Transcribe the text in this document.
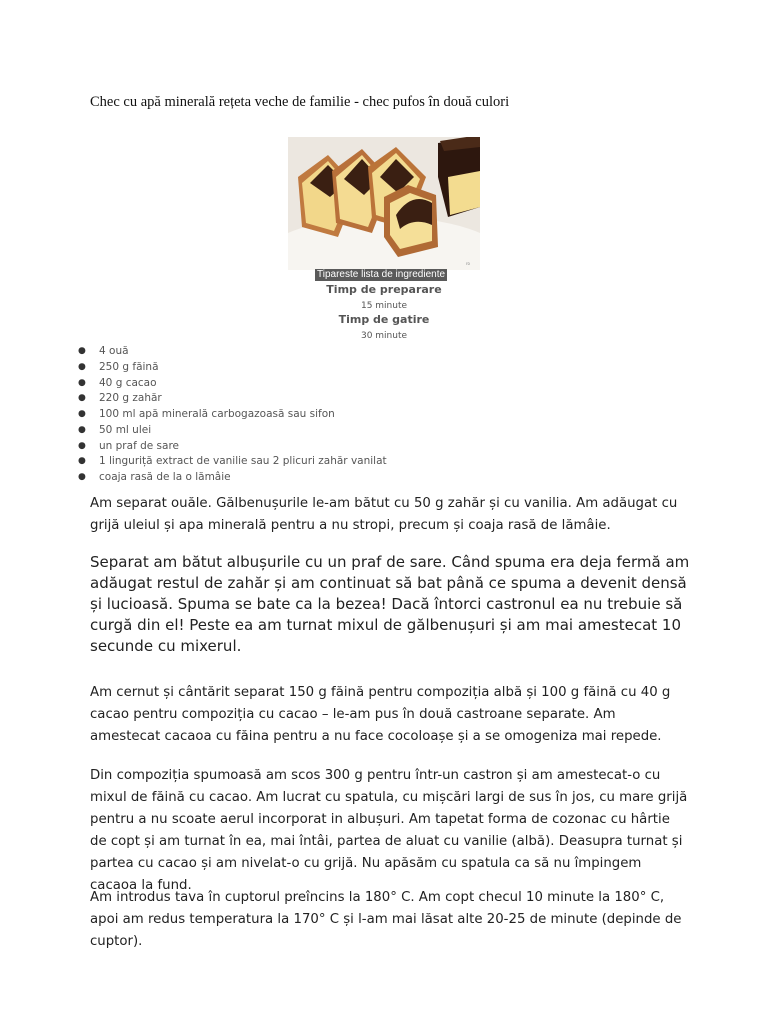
Chec cu apă minerală rețeta veche de familie - chec pufos în două culori
ro
Tipareste lista de ingrediente
Timp de preparare
15 minute
Timp de gatire
30 minute
● 4 ouă
● 250 g făină
● 40 g cacao
● 220 g zahăr
● 100 ml apă minerală carbogazoasă sau sifon
● 50 ml ulei
● un praf de sare
● 1 linguriță extract de vanilie sau 2 plicuri zahăr vanilat
● coaja rasă de la o lămâie

Am separat ouăle. Gălbenușurile le-am bătut cu 50 g zahăr și cu vanilia. Am adăugat cu grijă uleiul și apa minerală pentru a nu stropi, precum și coaja rasă de lămâie.

Separat am bătut albușurile cu un praf de sare. Când spuma era deja fermă am adăugat restul de zahăr și am continuat să bat până ce spuma a devenit densă și lucioasă. Spuma se bate ca la bezea! Dacă întorci castronul ea nu trebuie să curgă din el! Peste ea am turnat mixul de gălbenușuri și am mai amestecat 10 secunde cu mixerul.

Am cernut și cântărit separat 150 g făină pentru compoziția albă și 100 g făină cu 40 g cacao pentru compoziția cu cacao – le-am pus în două castroane separate. Am amestecat cacaoa cu făina pentru a nu face cocoloașe și a se omogeniza mai repede.

Din compoziția spumoasă am scos 300 g pentru într-un castron și am amestecat-o cu mixul de făină cu cacao. Am lucrat cu spatula, cu mișcări largi de sus în jos, cu mare grijă pentru a nu scoate aerul incorporat in albușuri. Am tapetat forma de cozonac cu hârtie de copt și am turnat în ea, mai întâi, partea de aluat cu vanilie (albă). Deasupra turnat și partea cu cacao și am nivelat-o cu grijă. Nu apăsăm cu spatula ca să nu împingem cacaoa la fund.

Am introdus tava în cuptorul preîncins la 180° C. Am copt checul 10 minute la 180° C, apoi am redus temperatura la 170° C și l-am mai lăsat alte 20-25 de minute (depinde de cuptor).
